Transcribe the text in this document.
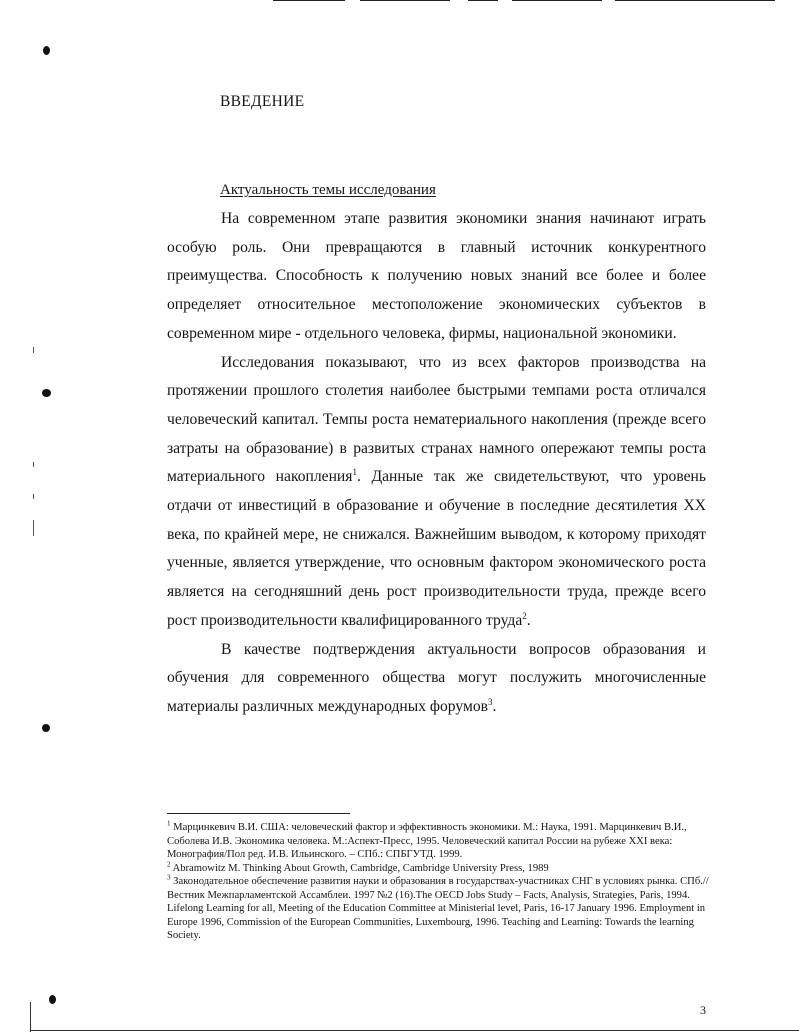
ВВЕДЕНИЕ
Актуальность темы исследования

На современном этапе развития экономики знания начинают играть особую роль. Они превращаются в главный источник конкурентного преимущества. Способность к получению новых знаний все более и более определяет относительное местоположение экономических субъектов в современном мире - отдельного человека, фирмы, национальной экономики.

Исследования показывают, что из всех факторов производства на протяжении прошлого столетия наиболее быстрыми темпами роста отличался человеческий капитал. Темпы роста нематериального накопления (прежде всего затраты на образование) в развитых странах намного опережают темпы роста материального накопления$^1$. Данные так же свидетельствуют, что уровень отдачи от инвестиций в образование и обучение в последние десятилетия XX века, по крайней мере, не снижался. Важнейшим выводом, к которому приходят ученные, является утверждение, что основным фактором экономического роста является на сегодняшний день рост производительности труда, прежде всего рост производительности квалифицированного труда$^2$.

В качестве подтверждения актуальности вопросов образования и обучения для современного общества могут послужить многочисленные материалы различных международных форумов$^3$.

$^1$ Марцинкевич В.И. США: человеческий фактор и эффективность экономики. М.: Наука, 1991. Марцинкевич В.И., Соболева И.В. Экономика человека. М.:Аспект-Пресс, 1995. Человеческий капитал России на рубеже XXI века: Монография/Пол ред. И.В. Ильинского. – СПб.: СПБГУТД. 1999.

$^2$ Abramowitz M. Thinking About Growth, Cambridge, Cambridge University Press, 1989

$^3$ Законодательное обеспечение развития науки и образования в государствах-участниках СНГ в условиях рынка. СПб.// Вестник Межпарламентской Ассамблеи. 1997 №2 (16).The OECD Jobs Study – Facts, Analysis, Strategies, Paris, 1994. Lifelong Learning for all, Meeting of the Education Committee at Ministerial level, Paris, 16-17 January 1996. Employment in Europe 1996, Commission of the European Communities, Luxembourg, 1996. Teaching and Learning: Towards the learning Society.

3
